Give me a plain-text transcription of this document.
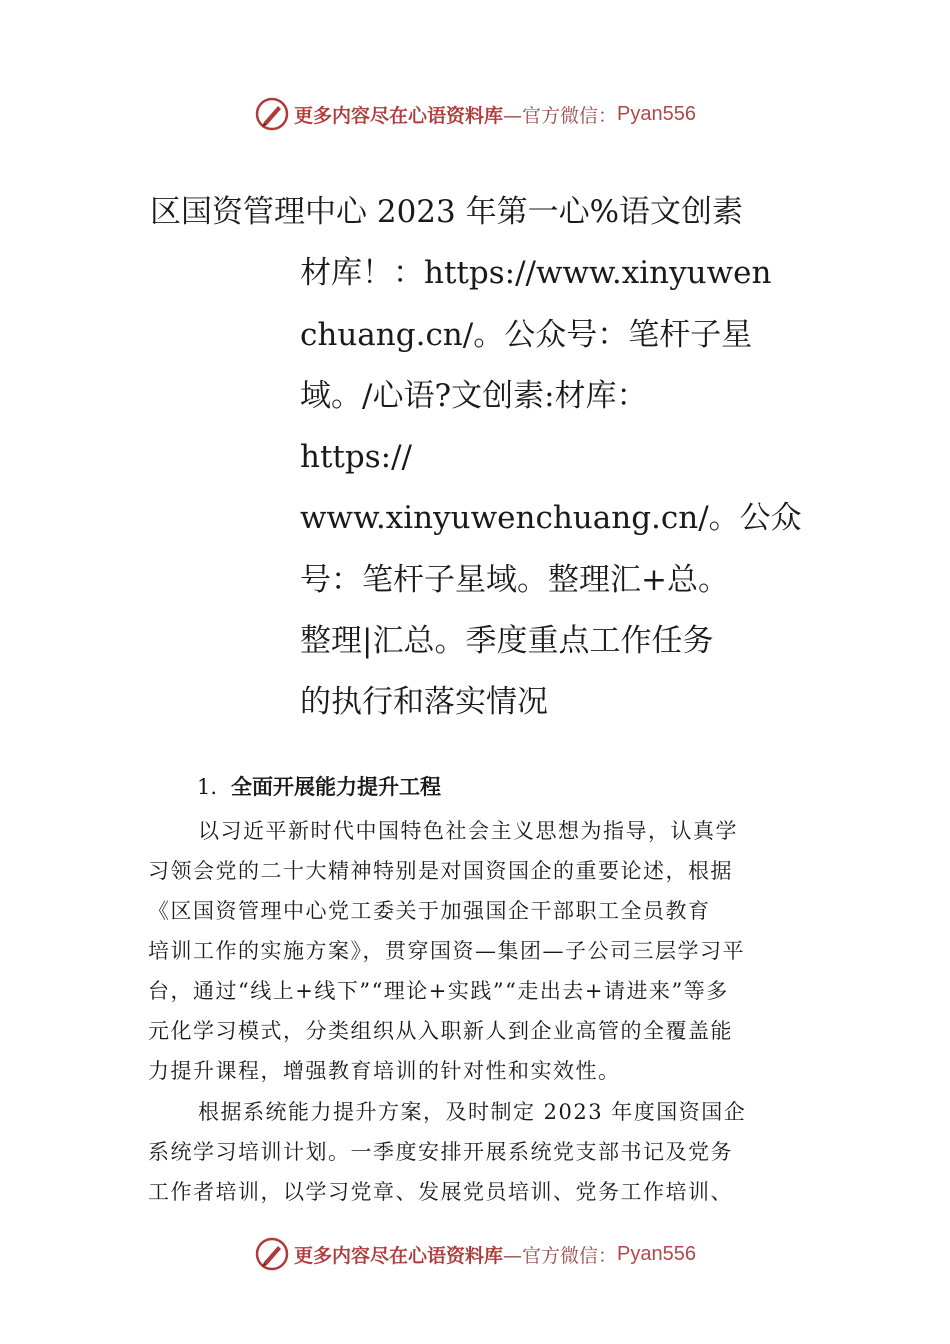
更多内容尽在心语资料库 —官方微信： Pyan556
区国资管理中心 2023 年第一心%语文创素
材库！：https://www.xinyuwen
chuang.cn/。公众号：笔杆子星
域。/心语?文创素:材库：
https://
www.xinyuwenchuang.cn/。公众
号：笔杆子星域。整理汇+总。
整理|汇总。季度重点工作任务
的执行和落实情况
1. 全面开展能力提升工程
以习近平新时代中国特色社会主义思想为指导，认真学
习领会党的二十大精神特别是对国资国企的重要论述，根据
《区国资管理中心党工委关于加强国企干部职工全员教育
培训工作的实施方案》，贯穿国资—集团—子公司三层学习平
台，通过“线上+线下”“理论+实践”“走出去+请进来”等多
元化学习模式，分类组织从入职新人到企业高管的全覆盖能
力提升课程，增强教育培训的针对性和实效性。
根据系统能力提升方案，及时制定 2023 年度国资国企
系统学习培训计划。一季度安排开展系统党支部书记及党务
工作者培训，以学习党章、发展党员培训、党务工作培训、
更多内容尽在心语资料库 —官方微信： Pyan556
